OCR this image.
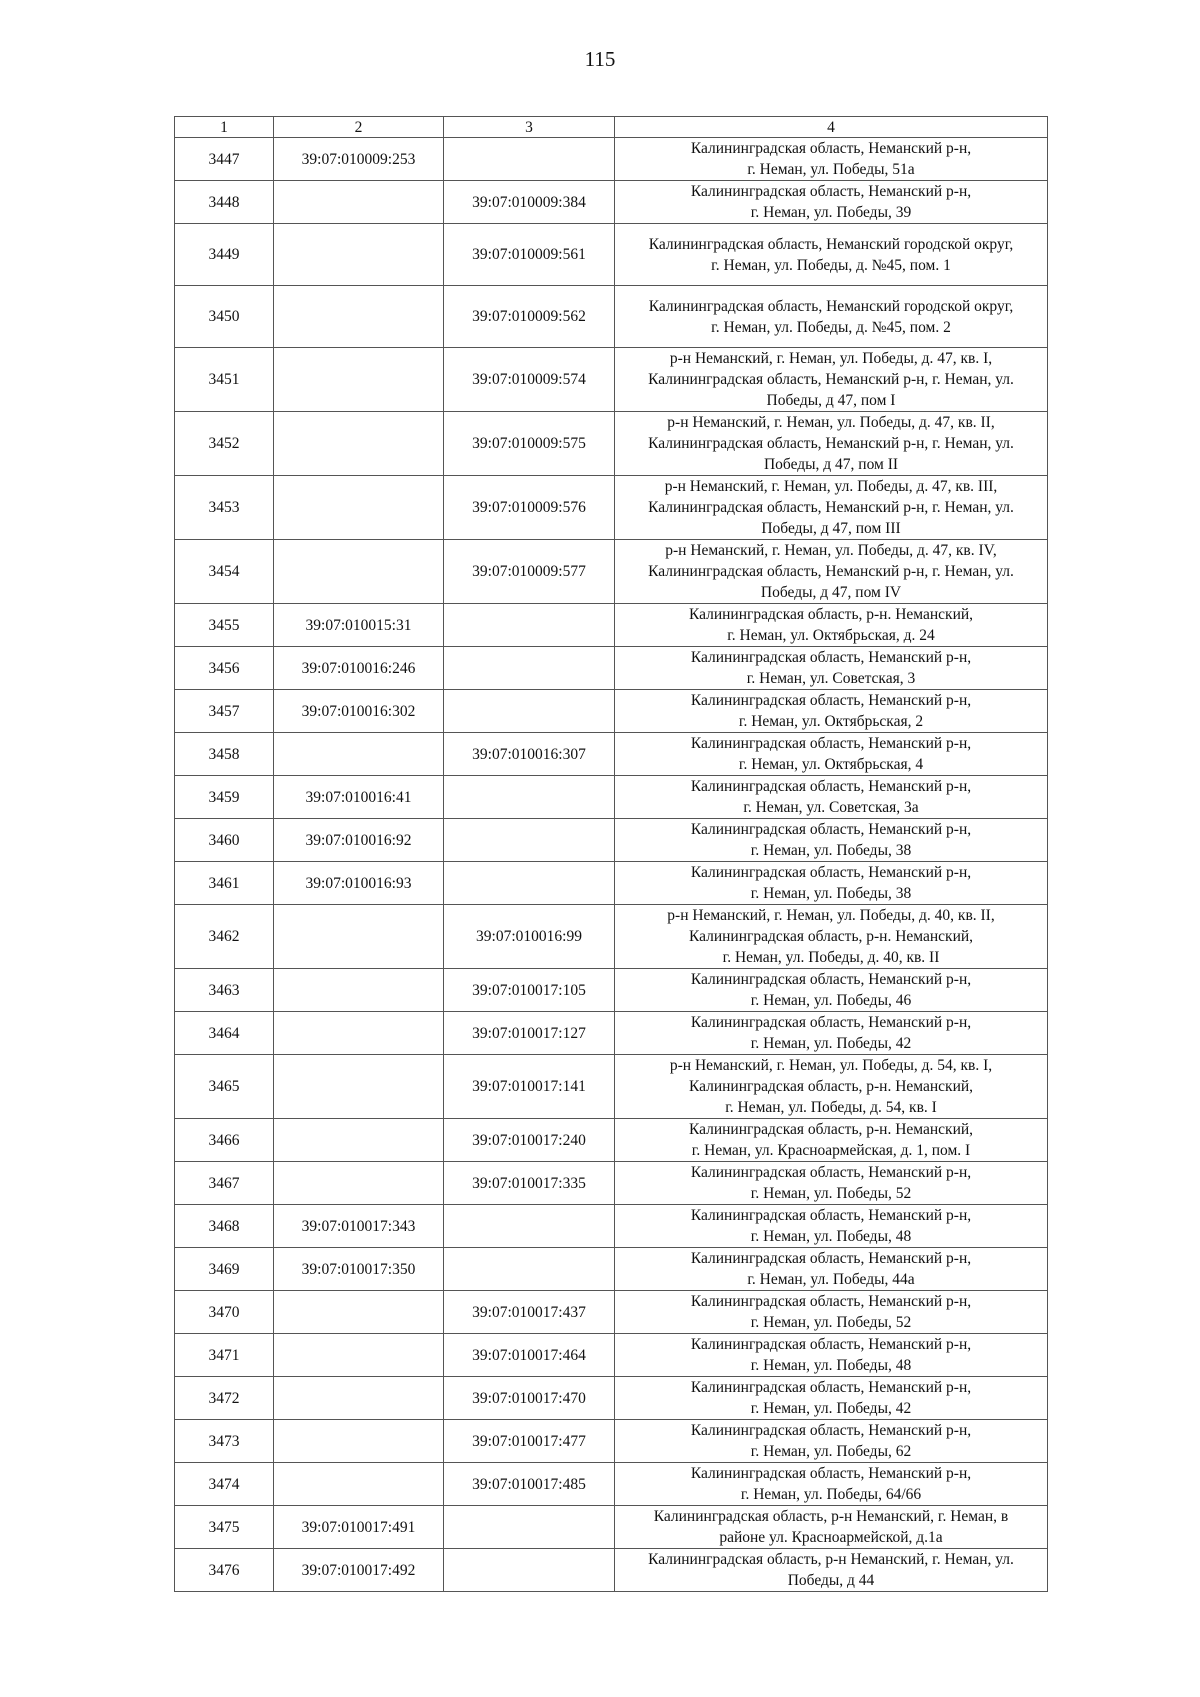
115
1	2	3	4
3447	39:07:010009:253		Калининградская область, Неманский р-н,
г. Неман, ул. Победы, 51а
3448		39:07:010009:384	Калининградская область, Неманский р-н,
г. Неман, ул. Победы, 39
3449		39:07:010009:561	Калининградская область, Неманский городской округ,
г. Неман, ул. Победы, д. №45, пом. 1
3450		39:07:010009:562	Калининградская область, Неманский городской округ,
г. Неман, ул. Победы, д. №45, пом. 2
3451		39:07:010009:574	р-н Неманский, г. Неман, ул. Победы, д. 47, кв. I,
Калининградская область, Неманский р-н, г. Неман, ул.
Победы, д 47, пом I
3452		39:07:010009:575	р-н Неманский, г. Неман, ул. Победы, д. 47, кв. II,
Калининградская область, Неманский р-н, г. Неман, ул.
Победы, д 47, пом II
3453		39:07:010009:576	р-н Неманский, г. Неман, ул. Победы, д. 47, кв. III,
Калининградская область, Неманский р-н, г. Неман, ул.
Победы, д 47, пом III
3454		39:07:010009:577	р-н Неманский, г. Неман, ул. Победы, д. 47, кв. IV,
Калининградская область, Неманский р-н, г. Неман, ул.
Победы, д 47, пом IV
3455	39:07:010015:31		Калининградская область, р-н. Неманский,
г. Неман, ул. Октябрьская, д. 24
3456	39:07:010016:246		Калининградская область, Неманский р-н,
г. Неман, ул. Советская, 3
3457	39:07:010016:302		Калининградская область, Неманский р-н,
г. Неман, ул. Октябрьская, 2
3458		39:07:010016:307	Калининградская область, Неманский р-н,
г. Неман, ул. Октябрьская, 4
3459	39:07:010016:41		Калининградская область, Неманский р-н,
г. Неман, ул. Советская, 3а
3460	39:07:010016:92		Калининградская область, Неманский р-н,
г. Неман, ул. Победы, 38
3461	39:07:010016:93		Калининградская область, Неманский р-н,
г. Неман, ул. Победы, 38
3462		39:07:010016:99	р-н Неманский, г. Неман, ул. Победы, д. 40, кв. II,
Калининградская область, р-н. Неманский,
г. Неман, ул. Победы, д. 40, кв. II
3463		39:07:010017:105	Калининградская область, Неманский р-н,
г. Неман, ул. Победы, 46
3464		39:07:010017:127	Калининградская область, Неманский р-н,
г. Неман, ул. Победы, 42
3465		39:07:010017:141	р-н Неманский, г. Неман, ул. Победы, д. 54, кв. I,
Калининградская область, р-н. Неманский,
г. Неман, ул. Победы, д. 54, кв. I
3466		39:07:010017:240	Калининградская область, р-н. Неманский,
г. Неман, ул. Красноармейская, д. 1, пом. I
3467		39:07:010017:335	Калининградская область, Неманский р-н,
г. Неман, ул. Победы, 52
3468	39:07:010017:343		Калининградская область, Неманский р-н,
г. Неман, ул. Победы, 48
3469	39:07:010017:350		Калининградская область, Неманский р-н,
г. Неман, ул. Победы, 44а
3470		39:07:010017:437	Калининградская область, Неманский р-н,
г. Неман, ул. Победы, 52
3471		39:07:010017:464	Калининградская область, Неманский р-н,
г. Неман, ул. Победы, 48
3472		39:07:010017:470	Калининградская область, Неманский р-н,
г. Неман, ул. Победы, 42
3473		39:07:010017:477	Калининградская область, Неманский р-н,
г. Неман, ул. Победы, 62
3474		39:07:010017:485	Калининградская область, Неманский р-н,
г. Неман, ул. Победы, 64/66
3475	39:07:010017:491		Калининградская область, р-н Неманский, г. Неман, в
районе ул. Красноармейской, д.1а
3476	39:07:010017:492		Калининградская область, р-н Неманский, г. Неман, ул.
Победы, д 44
